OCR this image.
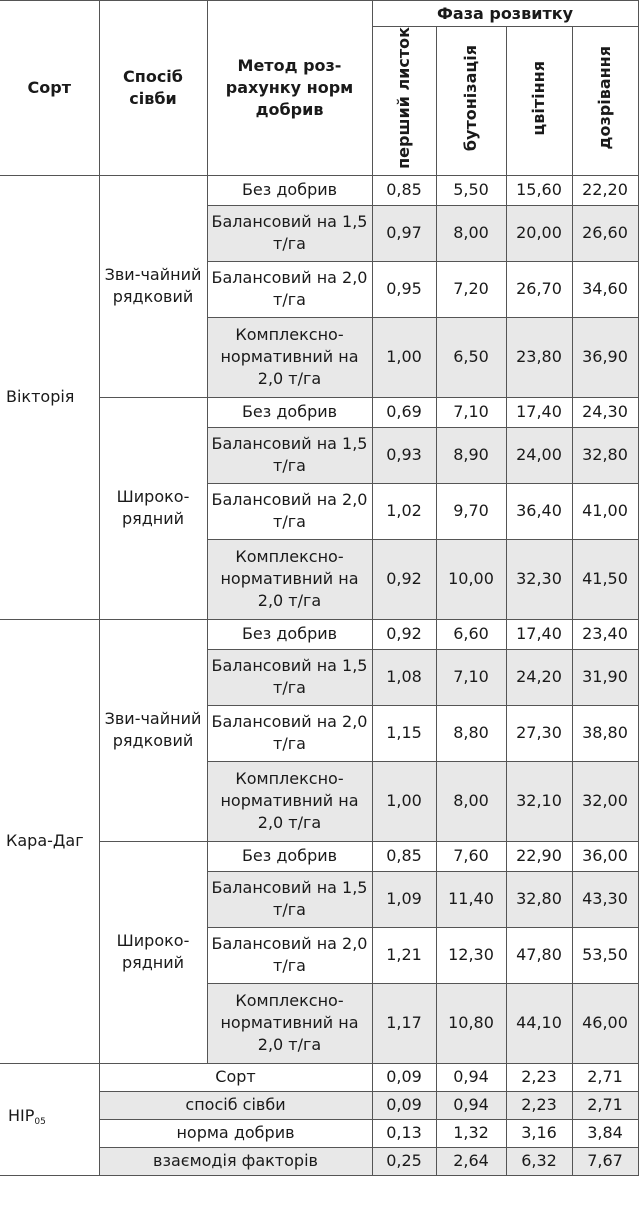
Сорт	Спосіб сівби	Метод роз-рахунку норм добрив	Фаза розвитку			
			перший листок	бутонізація	цвітіння	дозрівання
Вікторія	Зви-чайний рядковий	Без добрив	0,85	5,50	15,60	22,20
		Балансовий на 1,5 т/га	0,97	8,00	20,00	26,60
		Балансовий на 2,0 т/га	0,95	7,20	26,70	34,60
		Комплексно-нормативний на 2,0 т/га	1,00	6,50	23,80	36,90
	Широко-рядний	Без добрив	0,69	7,10	17,40	24,30
		Балансовий на 1,5 т/га	0,93	8,90	24,00	32,80
		Балансовий на 2,0 т/га	1,02	9,70	36,40	41,00
		Комплексно-нормативний на 2,0 т/га	0,92	10,00	32,30	41,50
Кара-Даг	Зви-чайний рядковий	Без добрив	0,92	6,60	17,40	23,40
		Балансовий на 1,5 т/га	1,08	7,10	24,20	31,90
		Балансовий на 2,0 т/га	1,15	8,80	27,30	38,80
		Комплексно-нормативний на 2,0 т/га	1,00	8,00	32,10	32,00
	Широко-рядний	Без добрив	0,85	7,60	22,90	36,00
		Балансовий на 1,5 т/га	1,09	11,40	32,80	43,30
		Балансовий на 2,0 т/га	1,21	12,30	47,80	53,50
		Комплексно-нормативний на 2,0 т/га	1,17	10,80	44,10	46,00
$HIP_{05}$	Сорт		0,09	0,94	2,23	2,71
	спосіб сівби		0,09	0,94	2,23	2,71
	норма добрив		0,13	1,32	3,16	3,84
	взаємодія факторів		0,25	2,64	6,32	7,67
